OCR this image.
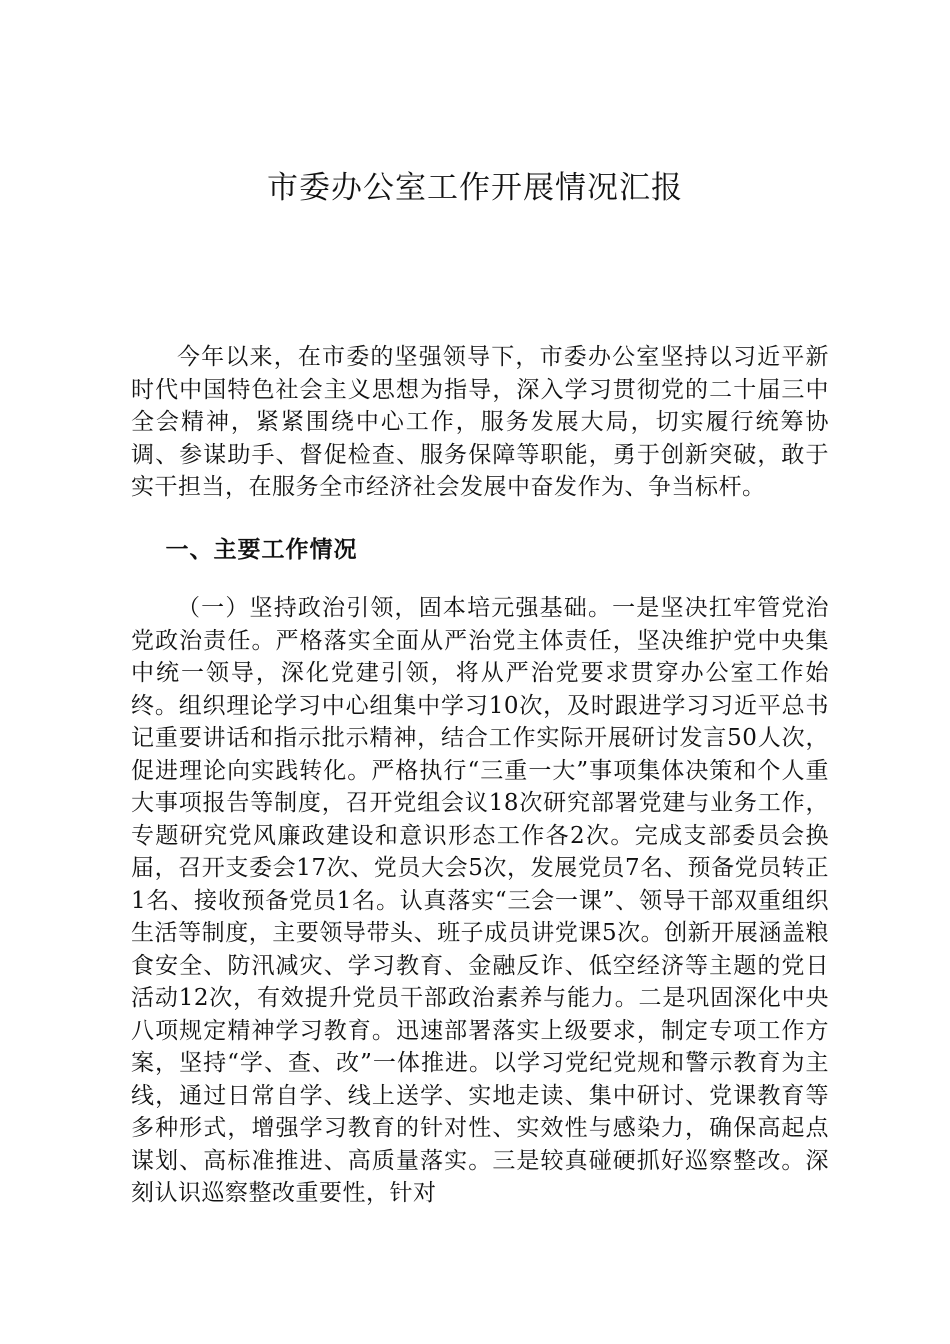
市委办公室工作开展情况汇报

今年以来，在市委的坚强领导下，市委办公室坚持以习近平新时代中国特色社会主义思想为指导，深入学习贯彻党的二十届三中全会精神，紧紧围绕中心工作，服务发展大局，切实履行统筹协调、参谋助手、督促检查、服务保障等职能，勇于创新突破，敢于实干担当，在服务全市经济社会发展中奋发作为、争当标杆。

一、主要工作情况

（一）坚持政治引领，固本培元强基础。一是坚决扛牢管党治党政治责任。严格落实全面从严治党主体责任，坚决维护党中央集中统一领导，深化党建引领，将从严治党要求贯穿办公室工作始终。组织理论学习中心组集中学习10次，及时跟进学习习近平总书记重要讲话和指示批示精神，结合工作实际开展研讨发言50人次，促进理论向实践转化。严格执行“三重一大”事项集体决策和个人重大事项报告等制度，召开党组会议18次研究部署党建与业务工作，专题研究党风廉政建设和意识形态工作各2次。完成支部委员会换届，召开支委会17次、党员大会5次，发展党员7名、预备党员转正1名、接收预备党员1名。认真落实“三会一课”、领导干部双重组织生活等制度，主要领导带头、班子成员讲党课5次。创新开展涵盖粮食安全、防汛减灾、学习教育、金融反诈、低空经济等主题的党日活动12次，有效提升党员干部政治素养与能力。二是巩固深化中央八项规定精神学习教育。迅速部署落实上级要求，制定专项工作方案，坚持“学、查、改”一体推进。以学习党纪党规和警示教育为主线，通过日常自学、线上送学、实地走读、集中研讨、党课教育等多种形式，增强学习教育的针对性、实效性与感染力，确保高起点谋划、高标准推进、高质量落实。三是较真碰硬抓好巡察整改。深刻认识巡察整改重要性，针对
